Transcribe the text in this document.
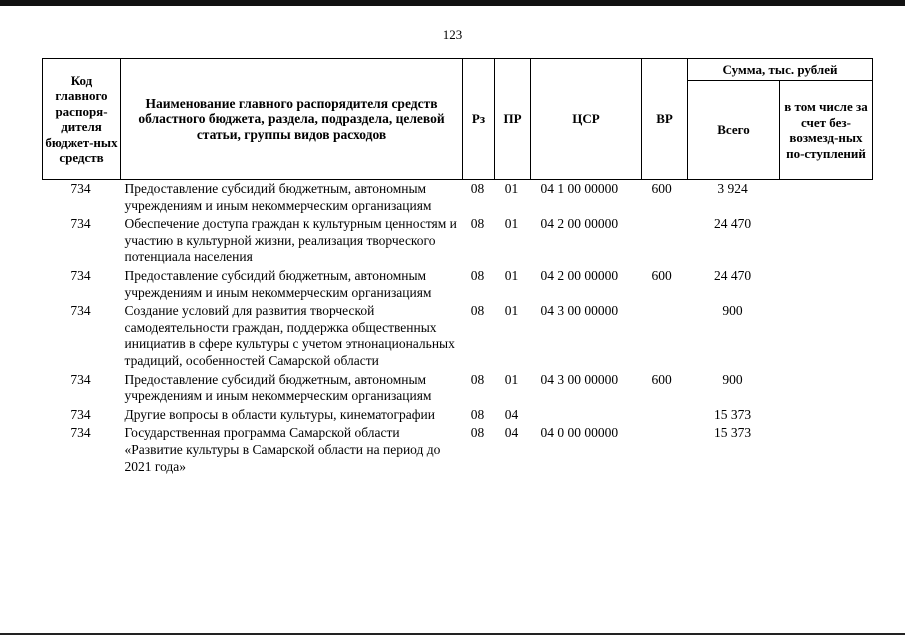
123
Код главного распоря-дителя бюджет-ных средств	Наименование главного распорядителя средств областного бюджета, раздела, подраздела, целевой статьи, группы видов расходов	Рз	ПР	ЦСР	ВР	Сумма, тыс. рублей	
						Всего	в том числе за счет без-возмезд-ных по-ступлений
734	Предоставление субсидий бюджетным, автономным учреждениям и иным некоммерческим организациям	08	01	04 1 00 00000	600	3 924	
734	Обеспечение доступа граждан к культурным ценностям и участию в культурной жизни, реализация творческого потенциала населения	08	01	04 2 00 00000		24 470	
734	Предоставление субсидий бюджетным, автономным учреждениям и иным некоммерческим организациям	08	01	04 2 00 00000	600	24 470	
734	Создание условий для развития творческой самодеятельности граждан, поддержка общественных инициатив в сфере культуры с учетом этнонациональных традиций, особенностей Самарской области	08	01	04 3 00 00000		900	
734	Предоставление субсидий бюджетным, автономным учреждениям и иным некоммерческим организациям	08	01	04 3 00 00000	600	900	
734	Другие вопросы в области культуры, кинематографии	08	04			15 373	
734	Государственная программа Самарской области «Развитие культуры в Самарской области на период до 2021 года»	08	04	04 0 00 00000		15 373	
